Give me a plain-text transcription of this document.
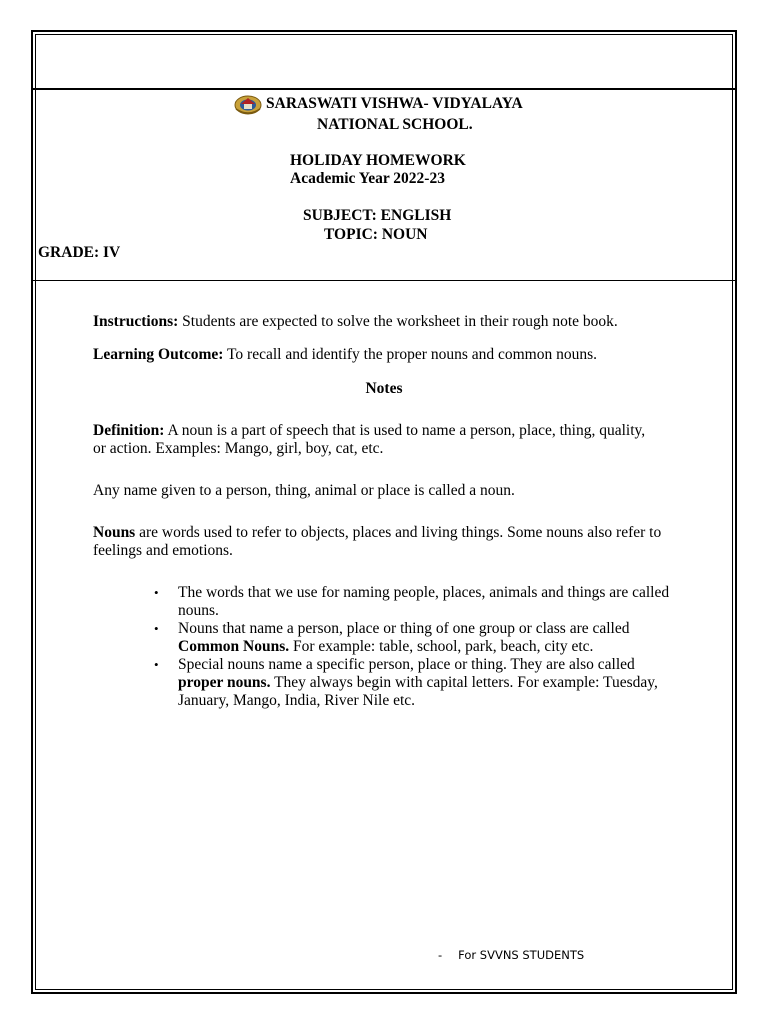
SARASWATI VISHWA- VIDYALAYA
NATIONAL SCHOOL.
HOLIDAY HOMEWORK
Academic Year 2022-23
SUBJECT: ENGLISH
TOPIC: NOUN
GRADE: IV
Instructions: Students are expected to solve the worksheet in their rough note book.
Learning Outcome: To recall and identify the proper nouns and common nouns.
Notes
Definition: A noun is a part of speech that is used to name a person, place, thing, quality, or action. Examples: Mango, girl, boy, cat, etc.
Any name given to a person, thing, animal or place is called a noun.
Nouns are words used to refer to objects, places and living things. Some nouns also refer to feelings and emotions.
• The words that we use for naming people, places, animals and things are called nouns.
• Nouns that name a person, place or thing of one group or class are called Common Nouns. For example: table, school, park, beach, city etc.
• Special nouns name a specific person, place or thing. They are also called proper nouns. They always begin with capital letters. For example: Tuesday, January, Mango, India, River Nile etc.
- For SVVNS STUDENTS
